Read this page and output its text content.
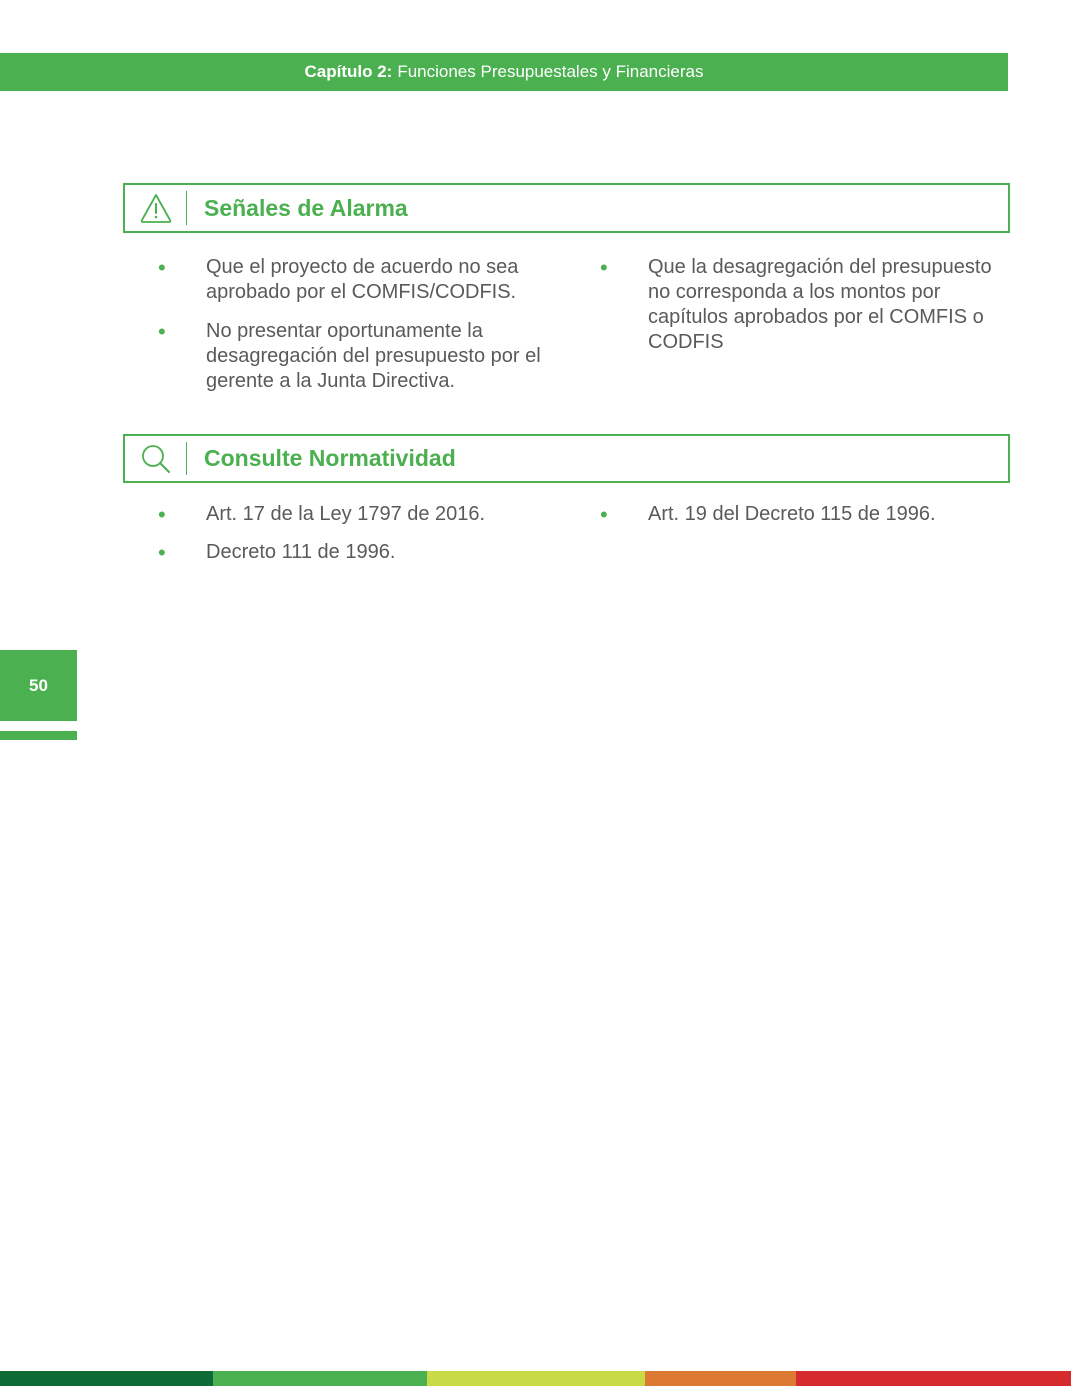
Capítulo 2: Funciones Presupuestales y Financieras
Señales de Alarma
• Que el proyecto de acuerdo no sea aprobado por el COMFIS/CODFIS.
• No presentar oportunamente la desagregación del presupuesto por el gerente a la Junta Directiva.
• Que la desagregación del presupuesto no corresponda a los montos por capítulos aprobados por el COMFIS o CODFIS
Consulte Normatividad
• Art. 17 de la Ley 1797 de 2016.
• Decreto 111 de 1996.
• Art. 19 del Decreto 115 de 1996.
50
